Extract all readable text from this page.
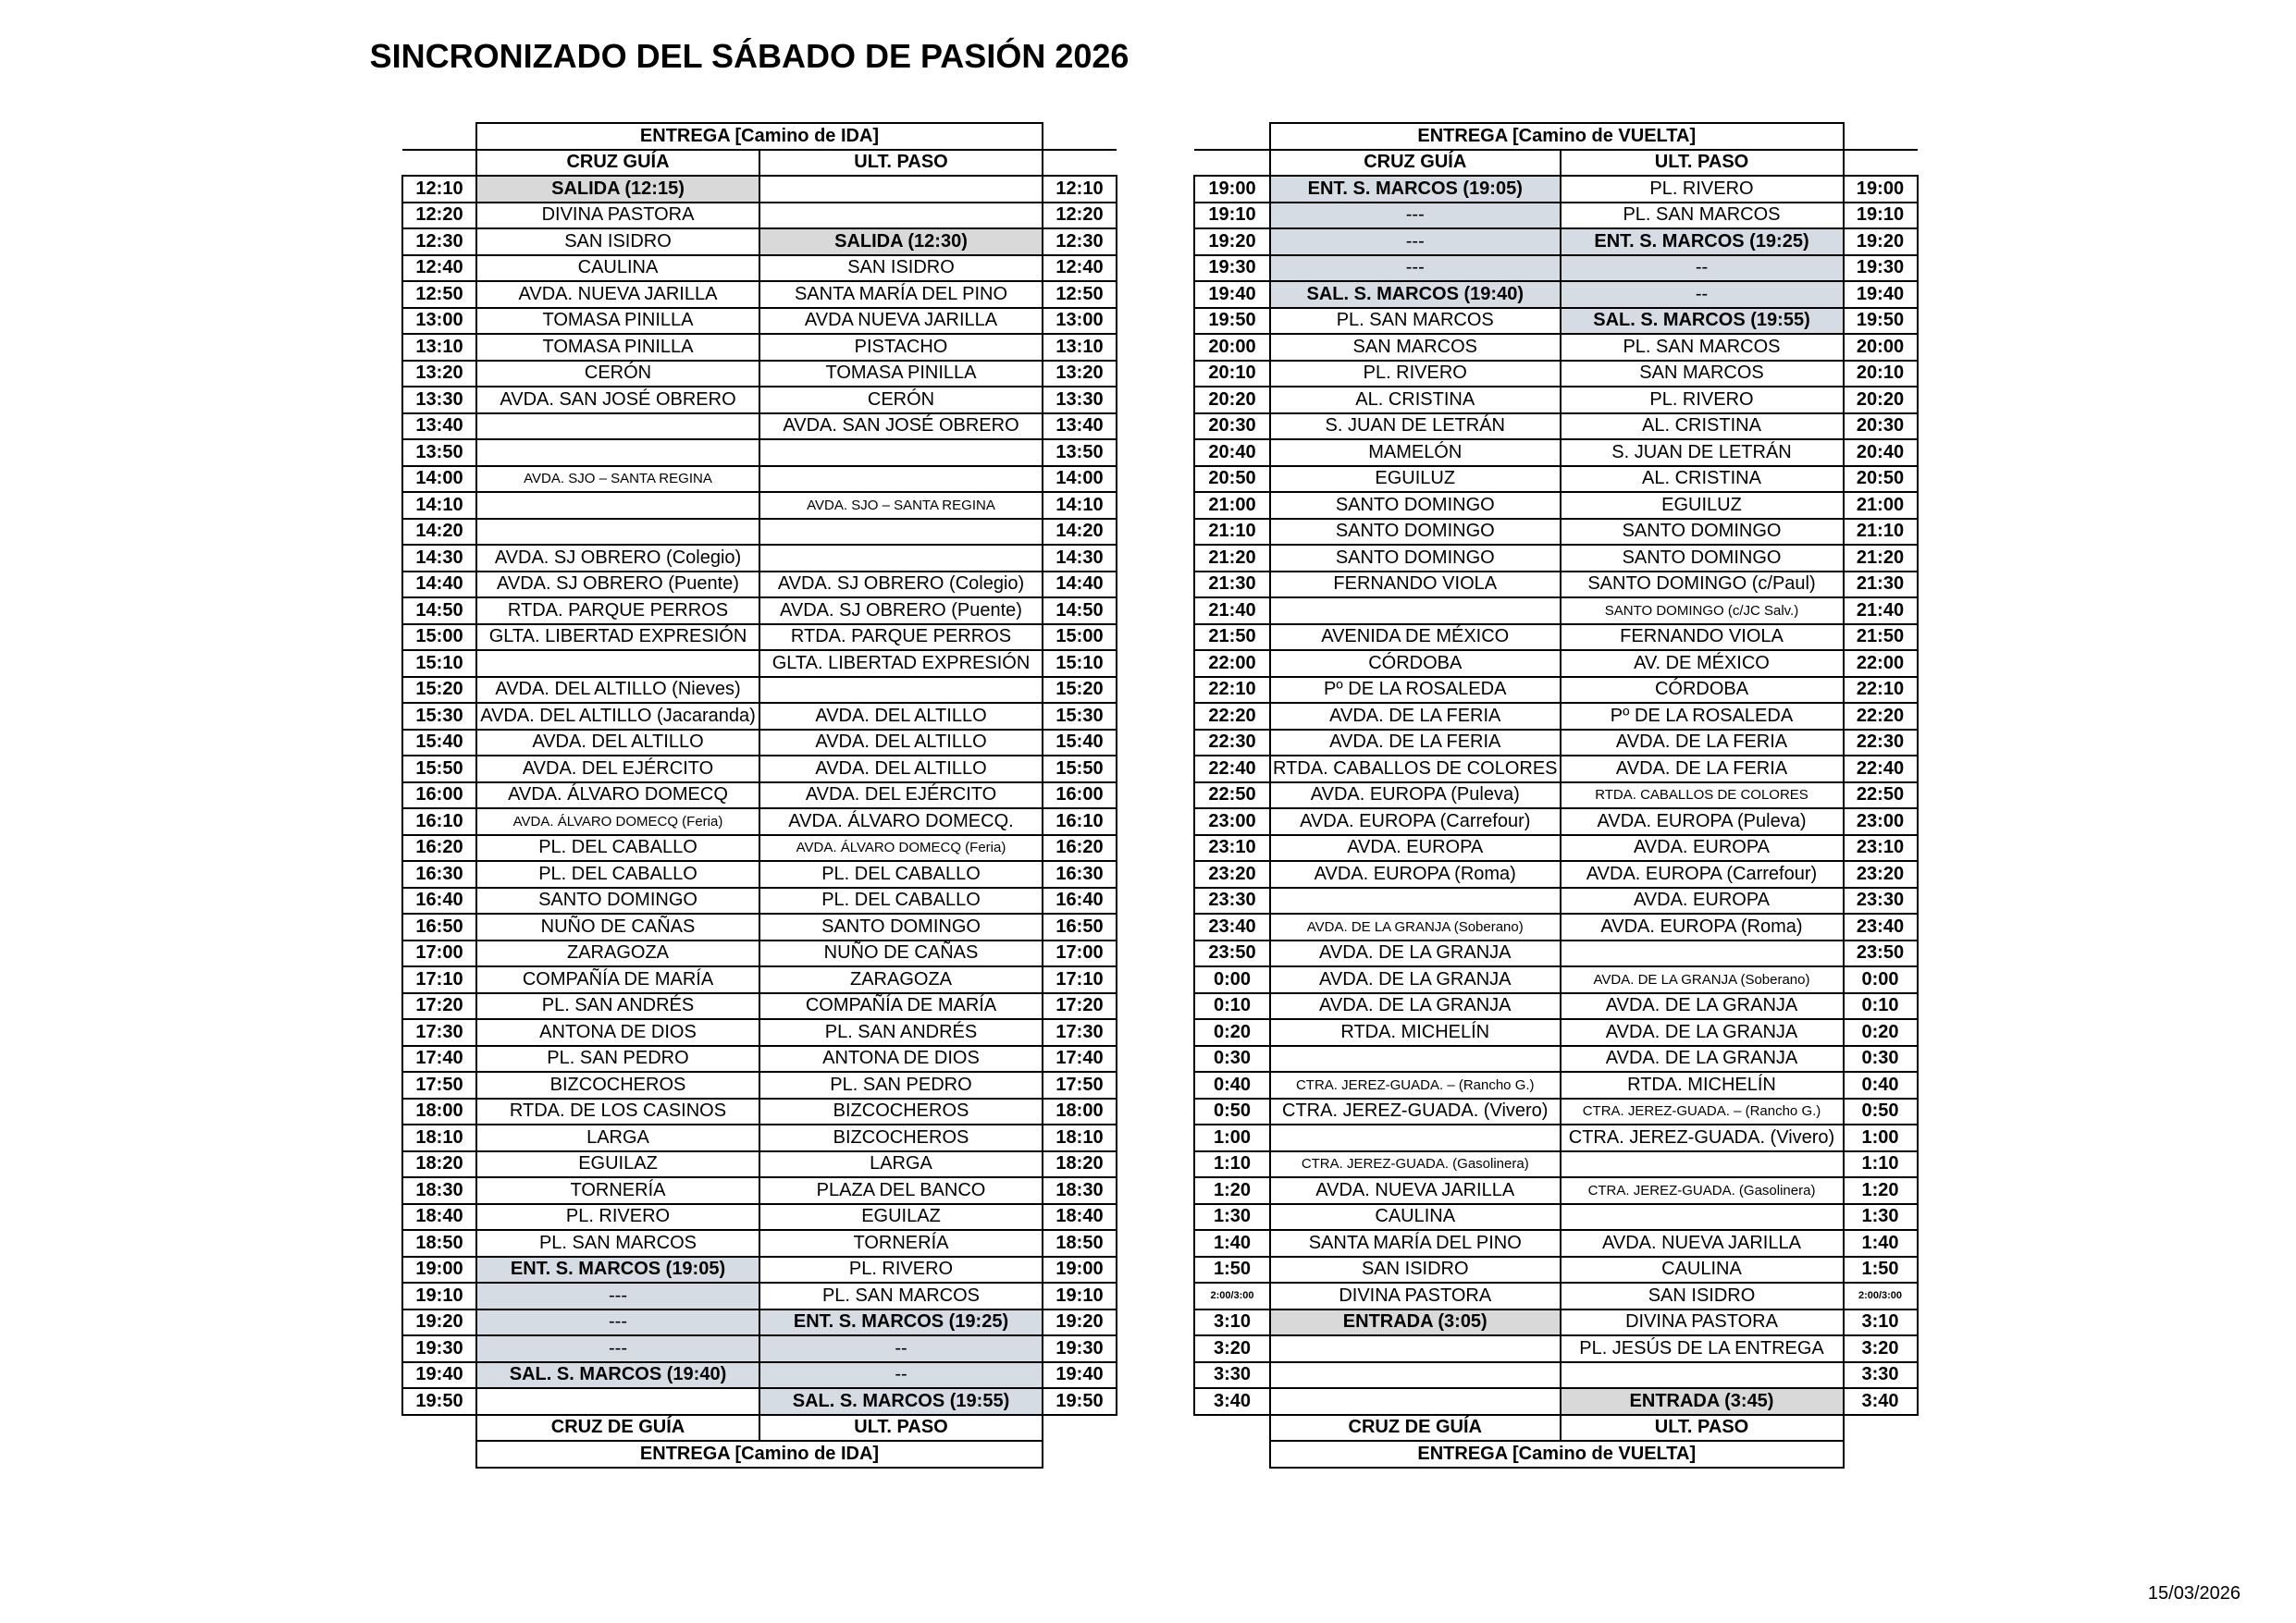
SINCRONIZADO DEL SÁBADO DE PASIÓN 2026
	ENTREGA [Camino de IDA]		
	CRUZ GUÍA	ULT. PASO	
12:10	SALIDA (12:15)		12:10
12:20	DIVINA PASTORA		12:20
12:30	SAN ISIDRO	SALIDA (12:30)	12:30
12:40	CAULINA	SAN ISIDRO	12:40
12:50	AVDA. NUEVA JARILLA	SANTA MARÍA DEL PINO	12:50
13:00	TOMASA PINILLA	AVDA NUEVA JARILLA	13:00
13:10	TOMASA PINILLA	PISTACHO	13:10
13:20	CERÓN	TOMASA PINILLA	13:20
13:30	AVDA. SAN JOSÉ OBRERO	CERÓN	13:30
13:40		AVDA. SAN JOSÉ OBRERO	13:40
13:50			13:50
14:00	AVDA. SJO – SANTA REGINA		14:00
14:10		AVDA. SJO – SANTA REGINA	14:10
14:20			14:20
14:30	AVDA. SJ OBRERO (Colegio)		14:30
14:40	AVDA. SJ OBRERO (Puente)	AVDA. SJ OBRERO (Colegio)	14:40
14:50	RTDA. PARQUE PERROS	AVDA. SJ OBRERO (Puente)	14:50
15:00	GLTA. LIBERTAD EXPRESIÓN	RTDA. PARQUE PERROS	15:00
15:10		GLTA. LIBERTAD EXPRESIÓN	15:10
15:20	AVDA. DEL ALTILLO (Nieves)		15:20
15:30	AVDA. DEL ALTILLO (Jacaranda)	AVDA. DEL ALTILLO	15:30
15:40	AVDA. DEL ALTILLO	AVDA. DEL ALTILLO	15:40
15:50	AVDA. DEL EJÉRCITO	AVDA. DEL ALTILLO	15:50
16:00	AVDA. ÁLVARO DOMECQ	AVDA. DEL EJÉRCITO	16:00
16:10	AVDA. ÁLVARO DOMECQ (Feria)	AVDA. ÁLVARO DOMECQ.	16:10
16:20	PL. DEL CABALLO	AVDA. ÁLVARO DOMECQ (Feria)	16:20
16:30	PL. DEL CABALLO	PL. DEL CABALLO	16:30
16:40	SANTO DOMINGO	PL. DEL CABALLO	16:40
16:50	NUÑO DE CAÑAS	SANTO DOMINGO	16:50
17:00	ZARAGOZA	NUÑO DE CAÑAS	17:00
17:10	COMPAÑÍA DE MARÍA	ZARAGOZA	17:10
17:20	PL. SAN ANDRÉS	COMPAÑÍA DE MARÍA	17:20
17:30	ANTONA DE DIOS	PL. SAN ANDRÉS	17:30
17:40	PL. SAN PEDRO	ANTONA DE DIOS	17:40
17:50	BIZCOCHEROS	PL. SAN PEDRO	17:50
18:00	RTDA. DE LOS CASINOS	BIZCOCHEROS	18:00
18:10	LARGA	BIZCOCHEROS	18:10
18:20	EGUILAZ	LARGA	18:20
18:30	TORNERÍA	PLAZA DEL BANCO	18:30
18:40	PL. RIVERO	EGUILAZ	18:40
18:50	PL. SAN MARCOS	TORNERÍA	18:50
19:00	ENT. S. MARCOS (19:05)	PL. RIVERO	19:00
19:10	---	PL. SAN MARCOS	19:10
19:20	---	ENT. S. MARCOS (19:25)	19:20
19:30	---	--	19:30
19:40	SAL. S. MARCOS (19:40)	--	19:40
19:50		SAL. S. MARCOS (19:55)	19:50
	CRUZ DE GUÍA	ULT. PASO	
	ENTREGA [Camino de IDA]		
	ENTREGA [Camino de VUELTA]		
	CRUZ GUÍA	ULT. PASO	
19:00	ENT. S. MARCOS (19:05)	PL. RIVERO	19:00
19:10	---	PL. SAN MARCOS	19:10
19:20	---	ENT. S. MARCOS (19:25)	19:20
19:30	---	--	19:30
19:40	SAL. S. MARCOS (19:40)	--	19:40
19:50	PL. SAN MARCOS	SAL. S. MARCOS (19:55)	19:50
20:00	SAN MARCOS	PL. SAN MARCOS	20:00
20:10	PL. RIVERO	SAN MARCOS	20:10
20:20	AL. CRISTINA	PL. RIVERO	20:20
20:30	S. JUAN DE LETRÁN	AL. CRISTINA	20:30
20:40	MAMELÓN	S. JUAN DE LETRÁN	20:40
20:50	EGUILUZ	AL. CRISTINA	20:50
21:00	SANTO DOMINGO	EGUILUZ	21:00
21:10	SANTO DOMINGO	SANTO DOMINGO	21:10
21:20	SANTO DOMINGO	SANTO DOMINGO	21:20
21:30	FERNANDO VIOLA	SANTO DOMINGO (c/Paul)	21:30
21:40		SANTO DOMINGO (c/JC Salv.)	21:40
21:50	AVENIDA DE MÉXICO	FERNANDO VIOLA	21:50
22:00	CÓRDOBA	AV. DE MÉXICO	22:00
22:10	Pº DE LA ROSALEDA	CÓRDOBA	22:10
22:20	AVDA. DE LA FERIA	Pº DE LA ROSALEDA	22:20
22:30	AVDA. DE LA FERIA	AVDA. DE LA FERIA	22:30
22:40	RTDA. CABALLOS DE COLORES	AVDA. DE LA FERIA	22:40
22:50	AVDA. EUROPA (Puleva)	RTDA. CABALLOS DE COLORES	22:50
23:00	AVDA. EUROPA (Carrefour)	AVDA. EUROPA (Puleva)	23:00
23:10	AVDA. EUROPA	AVDA. EUROPA	23:10
23:20	AVDA. EUROPA (Roma)	AVDA. EUROPA (Carrefour)	23:20
23:30		AVDA. EUROPA	23:30
23:40	AVDA. DE LA GRANJA (Soberano)	AVDA. EUROPA (Roma)	23:40
23:50	AVDA. DE LA GRANJA		23:50
0:00	AVDA. DE LA GRANJA	AVDA. DE LA GRANJA (Soberano)	0:00
0:10	AVDA. DE LA GRANJA	AVDA. DE LA GRANJA	0:10
0:20	RTDA. MICHELÍN	AVDA. DE LA GRANJA	0:20
0:30		AVDA. DE LA GRANJA	0:30
0:40	CTRA. JEREZ-GUADA. – (Rancho G.)	RTDA. MICHELÍN	0:40
0:50	CTRA. JEREZ-GUADA. (Vivero)	CTRA. JEREZ-GUADA. – (Rancho G.)	0:50
1:00		CTRA. JEREZ-GUADA. (Vivero)	1:00
1:10	CTRA. JEREZ-GUADA. (Gasolinera)		1:10
1:20	AVDA. NUEVA JARILLA	CTRA. JEREZ-GUADA. (Gasolinera)	1:20
1:30	CAULINA		1:30
1:40	SANTA MARÍA DEL PINO	AVDA. NUEVA JARILLA	1:40
1:50	SAN ISIDRO	CAULINA	1:50
2:00/3:00	DIVINA PASTORA	SAN ISIDRO	2:00/3:00
3:10	ENTRADA (3:05)	DIVINA PASTORA	3:10
3:20		PL. JESÚS DE LA ENTREGA	3:20
3:30			3:30
3:40		ENTRADA (3:45)	3:40
	CRUZ DE GUÍA	ULT. PASO	
	ENTREGA [Camino de VUELTA]		
15/03/2026
